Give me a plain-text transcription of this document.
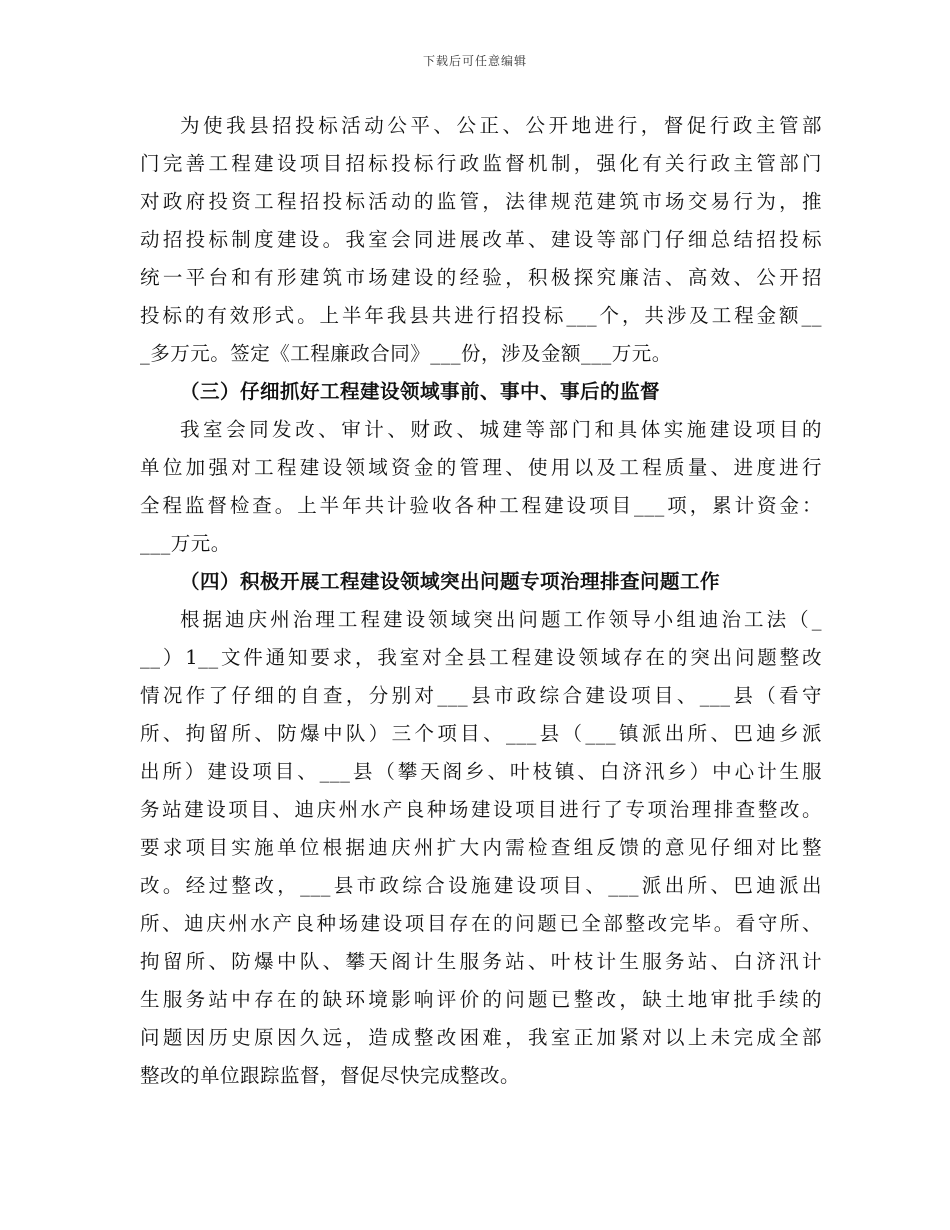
下载后可任意编辑
为使我县招投标活动公平、公正、公开地进行，督促行政主管部
门完善工程建设项目招标投标行政监督机制，强化有关行政主管部门
对政府投资工程招投标活动的监管，法律规范建筑市场交易行为，推
动招投标制度建设。我室会同进展改革、建设等部门仔细总结招投标
统一平台和有形建筑市场建设的经验，积极探究廉洁、高效、公开招
投标的有效形式。上半年我县共进行招投标___个，共涉及工程金额__
_多万元。签定《工程廉政合同》___份，涉及金额___万元。
（三）仔细抓好工程建设领域事前、事中、事后的监督
我室会同发改、审计、财政、城建等部门和具体实施建设项目的
单位加强对工程建设领域资金的管理、使用以及工程质量、进度进行
全程监督检查。上半年共计验收各种工程建设项目___项，累计资金：
___万元。
（四）积极开展工程建设领域突出问题专项治理排查问题工作
根据迪庆州治理工程建设领域突出问题工作领导小组迪治工法（_
__）1__文件通知要求，我室对全县工程建设领域存在的突出问题整改
情况作了仔细的自查，分别对___县市政综合建设项目、___县（看守
所、拘留所、防爆中队）三个项目、___县（___镇派出所、巴迪乡派
出所）建设项目、___县（攀天阁乡、叶枝镇、白济汛乡）中心计生服
务站建设项目、迪庆州水产良种场建设项目进行了专项治理排查整改。
要求项目实施单位根据迪庆州扩大内需检查组反馈的意见仔细对比整
改。经过整改，___县市政综合设施建设项目、___派出所、巴迪派出
所、迪庆州水产良种场建设项目存在的问题已全部整改完毕。看守所、
拘留所、防爆中队、攀天阁计生服务站、叶枝计生服务站、白济汛计
生服务站中存在的缺环境影响评价的问题已整改，缺土地审批手续的
问题因历史原因久远，造成整改困难，我室正加紧对以上未完成全部
整改的单位跟踪监督，督促尽快完成整改。
